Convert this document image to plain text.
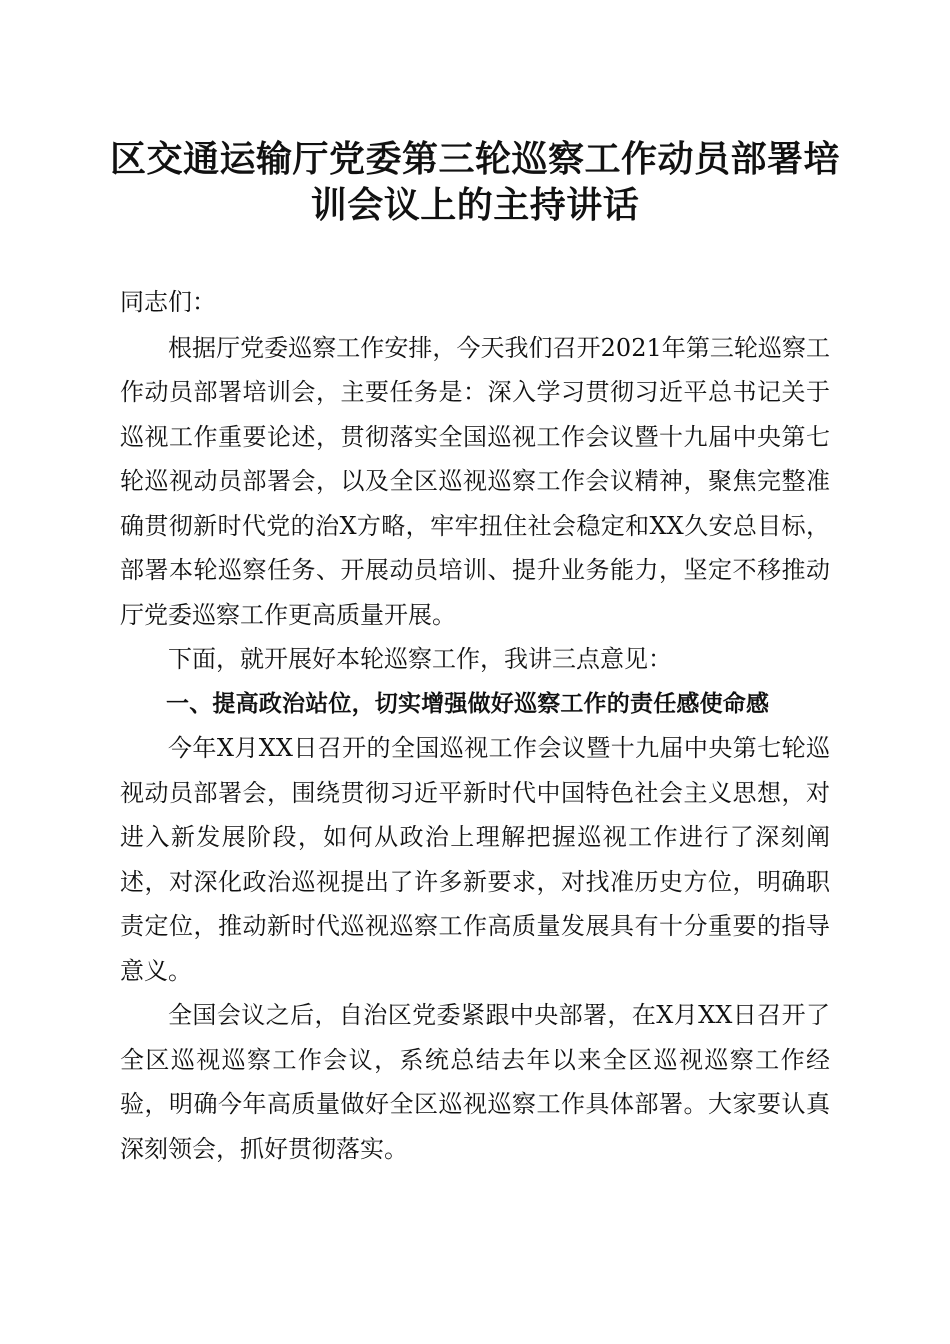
区交通运输厅党委第三轮巡察工作动员部署培
训会议上的主持讲话

同志们：

根据厅党委巡察工作安排，今天我们召开2021年第三轮巡察工作动员部署培训会，主要任务是：深入学习贯彻习近平总书记关于巡视工作重要论述，贯彻落实全国巡视工作会议暨十九届中央第七轮巡视动员部署会，以及全区巡视巡察工作会议精神，聚焦完整准确贯彻新时代党的治X方略，牢牢扭住社会稳定和XX久安总目标，部署本轮巡察任务、开展动员培训、提升业务能力，坚定不移推动厅党委巡察工作更高质量开展。

下面，就开展好本轮巡察工作，我讲三点意见：

一、提高政治站位，切实增强做好巡察工作的责任感使命感

今年X月XX日召开的全国巡视工作会议暨十九届中央第七轮巡视动员部署会，围绕贯彻习近平新时代中国特色社会主义思想，对进入新发展阶段，如何从政治上理解把握巡视工作进行了深刻阐述，对深化政治巡视提出了许多新要求，对找准历史方位，明确职责定位，推动新时代巡视巡察工作高质量发展具有十分重要的指导意义。

全国会议之后，自治区党委紧跟中央部署，在X月XX日召开了全区巡视巡察工作会议，系统总结去年以来全区巡视巡察工作经验，明确今年高质量做好全区巡视巡察工作具体部署。大家要认真深刻领会，抓好贯彻落实。
